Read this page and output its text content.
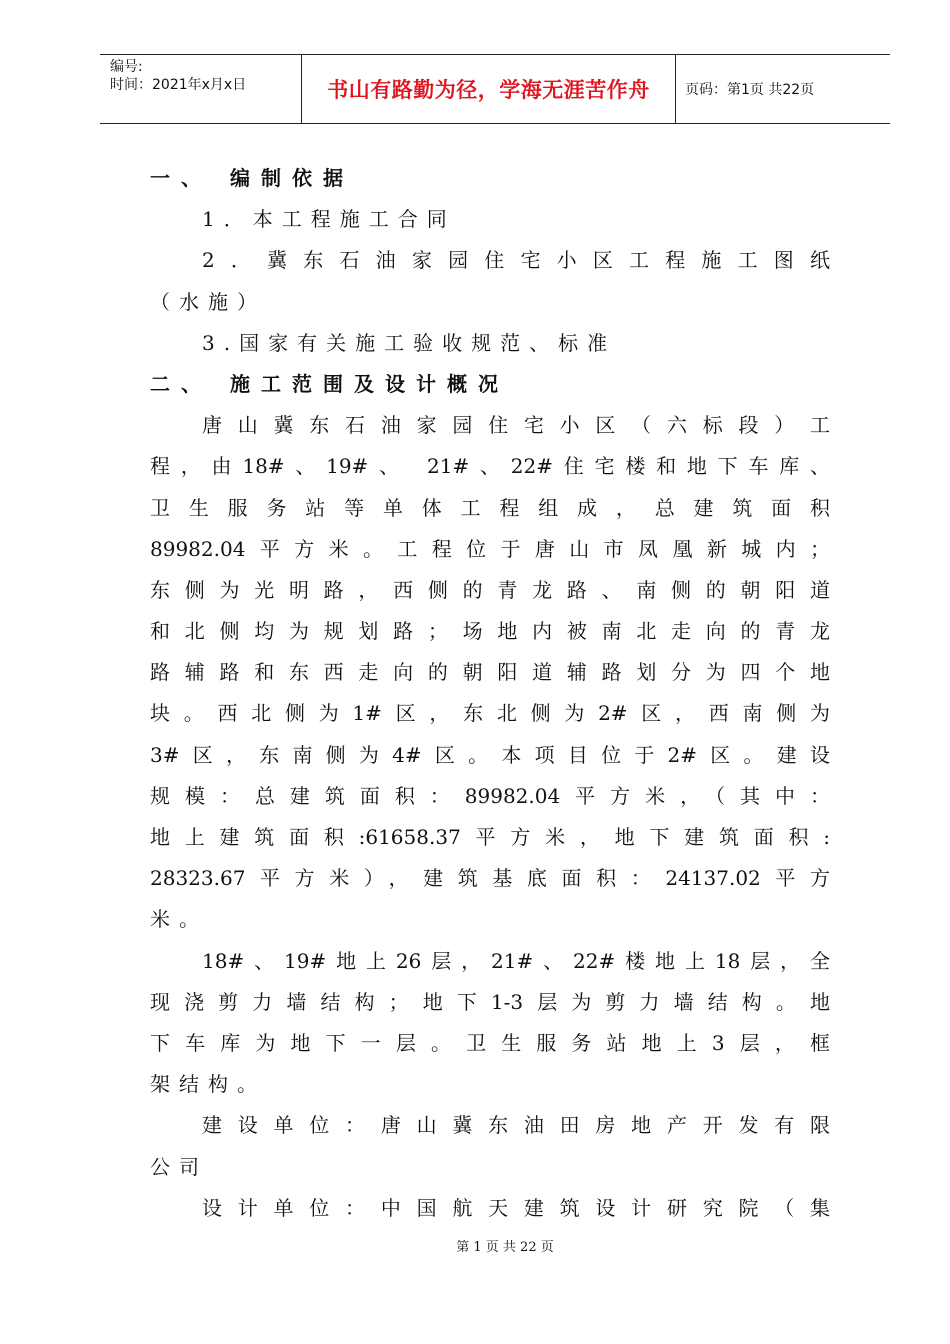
编号:
时间：2021年x月x日	书山有路勤为径，学海无涯苦作舟	页码：第1页 共22页
一、 编制依据
1．本工程施工合同
2．冀东石油家园住宅小区工程施工图纸
（水施）
3.国家有关施工验收规范、标准
二、 施工范围及设计概况
唐山冀东石油家园住宅小区（六标段）工
程，由18#、19#、 21#、22#住宅楼和地下车库、
卫生服务站等单体工程组成，总建筑面积
89982.04平方米。工程位于唐山市凤凰新城内；
东侧为光明路，西侧的青龙路、南侧的朝阳道
和北侧均为规划路；场地内被南北走向的青龙
路辅路和东西走向的朝阳道辅路划分为四个地
块。西北侧为1#区，东北侧为2#区，西南侧为
3#区，东南侧为4#区。本项目位于2#区。建设
规模：总建筑面积：89982.04平方米，（其中：
地上建筑面积:61658.37平方米，地下建筑面积:
28323.67平方米），建筑基底面积：24137.02平方
米。
18#、19#地上26层，21#、22#楼地上18层，全
现浇剪力墙结构；地下1-3层为剪力墙结构。地
下车库为地下一层。卫生服务站地上3层，框
架结构。
建设单位：唐山冀东油田房地产开发有限
公司
设计单位：中国航天建筑设计研究院（集
第 1 页 共 22 页
